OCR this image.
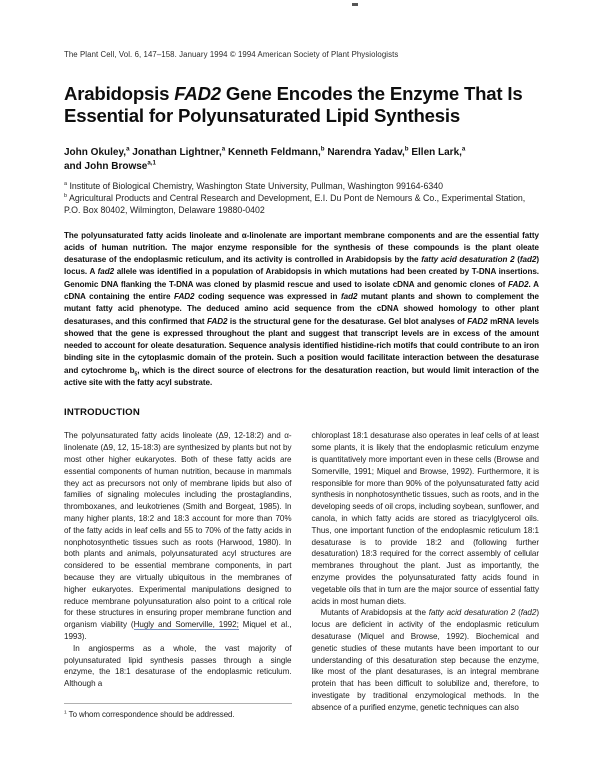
The Plant Cell, Vol. 6, 147–158. January 1994 © 1994 American Society of Plant Physiologists
Arabidopsis FAD2 Gene Encodes the Enzyme That Is
Essential for Polyunsaturated Lipid Synthesis
John Okuley,$^a$ Jonathan Lightner,$^a$ Kenneth Feldmann,$^b$ Narendra Yadav,$^b$ Ellen Lark,$^a$
and John Browse$^{a,1}$
$^a$ Institute of Biological Chemistry, Washington State University, Pullman, Washington 99164-6340
$^b$ Agricultural Products and Central Research and Development, E.I. Du Pont de Nemours & Co., Experimental Station,
P.O. Box 80402, Wilmington, Delaware 19880-0402
The polyunsaturated fatty acids linoleate and α-linolenate are important membrane components and are the essential fatty acids of human nutrition. The major enzyme responsible for the synthesis of these compounds is the plant oleate desaturase of the endoplasmic reticulum, and its activity is controlled in Arabidopsis by the fatty acid desaturation 2 (fad2) locus. A fad2 allele was identified in a population of Arabidopsis in which mutations had been created by T-DNA insertions. Genomic DNA flanking the T-DNA was cloned by plasmid rescue and used to isolate cDNA and genomic clones of FAD2. A cDNA containing the entire FAD2 coding sequence was expressed in fad2 mutant plants and shown to complement the mutant fatty acid phenotype. The deduced amino acid sequence from the cDNA showed homology to other plant desaturases, and this confirmed that FAD2 is the structural gene for the desaturase. Gel blot analyses of FAD2 mRNA levels showed that the gene is expressed throughout the plant and suggest that transcript levels are in excess of the amount needed to account for oleate desaturation. Sequence analysis identified histidine-rich motifs that could contribute to an iron binding site in the cytoplasmic domain of the protein. Such a position would facilitate interaction between the desaturase and cytochrome $b_5$, which is the direct source of electrons for the desaturation reaction, but would limit interaction of the active site with the fatty acyl substrate.
INTRODUCTION

The polyunsaturated fatty acids linoleate (Δ9, 12-18:2) and α-linolenate (Δ9, 12, 15-18:3) are synthesized by plants but not by most other higher eukaryotes. Both of these fatty acids are essential components of human nutrition, because in mammals they act as precursors not only of membrane lipids but also of families of signaling molecules including the prostaglandins, thromboxanes, and leukotrienes (Smith and Borgeat, 1985). In many higher plants, 18:2 and 18:3 account for more than 70% of the fatty acids in leaf cells and 55 to 70% of the fatty acids in nonphotosynthetic tissues such as roots (Harwood, 1980). In both plants and animals, polyunsaturated acyl structures are considered to be essential membrane components, in part because they are virtually ubiquitous in the membranes of higher eukaryotes. Experimental manipulations designed to reduce membrane polyunsaturation also point to a critical role for these structures in ensuring proper membrane function and organism viability (Hugly and Somerville, 1992; Miquel et al., 1993).

In angiosperms as a whole, the vast majority of polyunsaturated lipid synthesis passes through a single enzyme, the 18:1 desaturase of the endoplasmic reticulum. Although a

$^1$ To whom correspondence should be addressed.

chloroplast 18:1 desaturase also operates in leaf cells of at least some plants, it is likely that the endoplasmic reticulum enzyme is quantitatively more important even in these cells (Browse and Somerville, 1991; Miquel and Browse, 1992). Furthermore, it is responsible for more than 90% of the polyunsaturated fatty acid synthesis in nonphotosynthetic tissues, such as roots, and in the developing seeds of oil crops, including soybean, sunflower, and canola, in which fatty acids are stored as triacylglycerol oils. Thus, one important function of the endoplasmic reticulum 18:1 desaturase is to provide 18:2 and (following further desaturation) 18:3 required for the correct assembly of cellular membranes throughout the plant. Just as importantly, the enzyme provides the polyunsaturated fatty acids found in vegetable oils that in turn are the major source of essential fatty acids in most human diets.

Mutants of Arabidopsis at the fatty acid desaturation 2 (fad2) locus are deficient in activity of the endoplasmic reticulum desaturase (Miquel and Browse, 1992). Biochemical and genetic studies of these mutants have been important to our understanding of this desaturation step because the enzyme, like most of the plant desaturases, is an integral membrane protein that has been difficult to solubilize and, therefore, to investigate by traditional enzymological methods. In the absence of a purified enzyme, genetic techniques can also
